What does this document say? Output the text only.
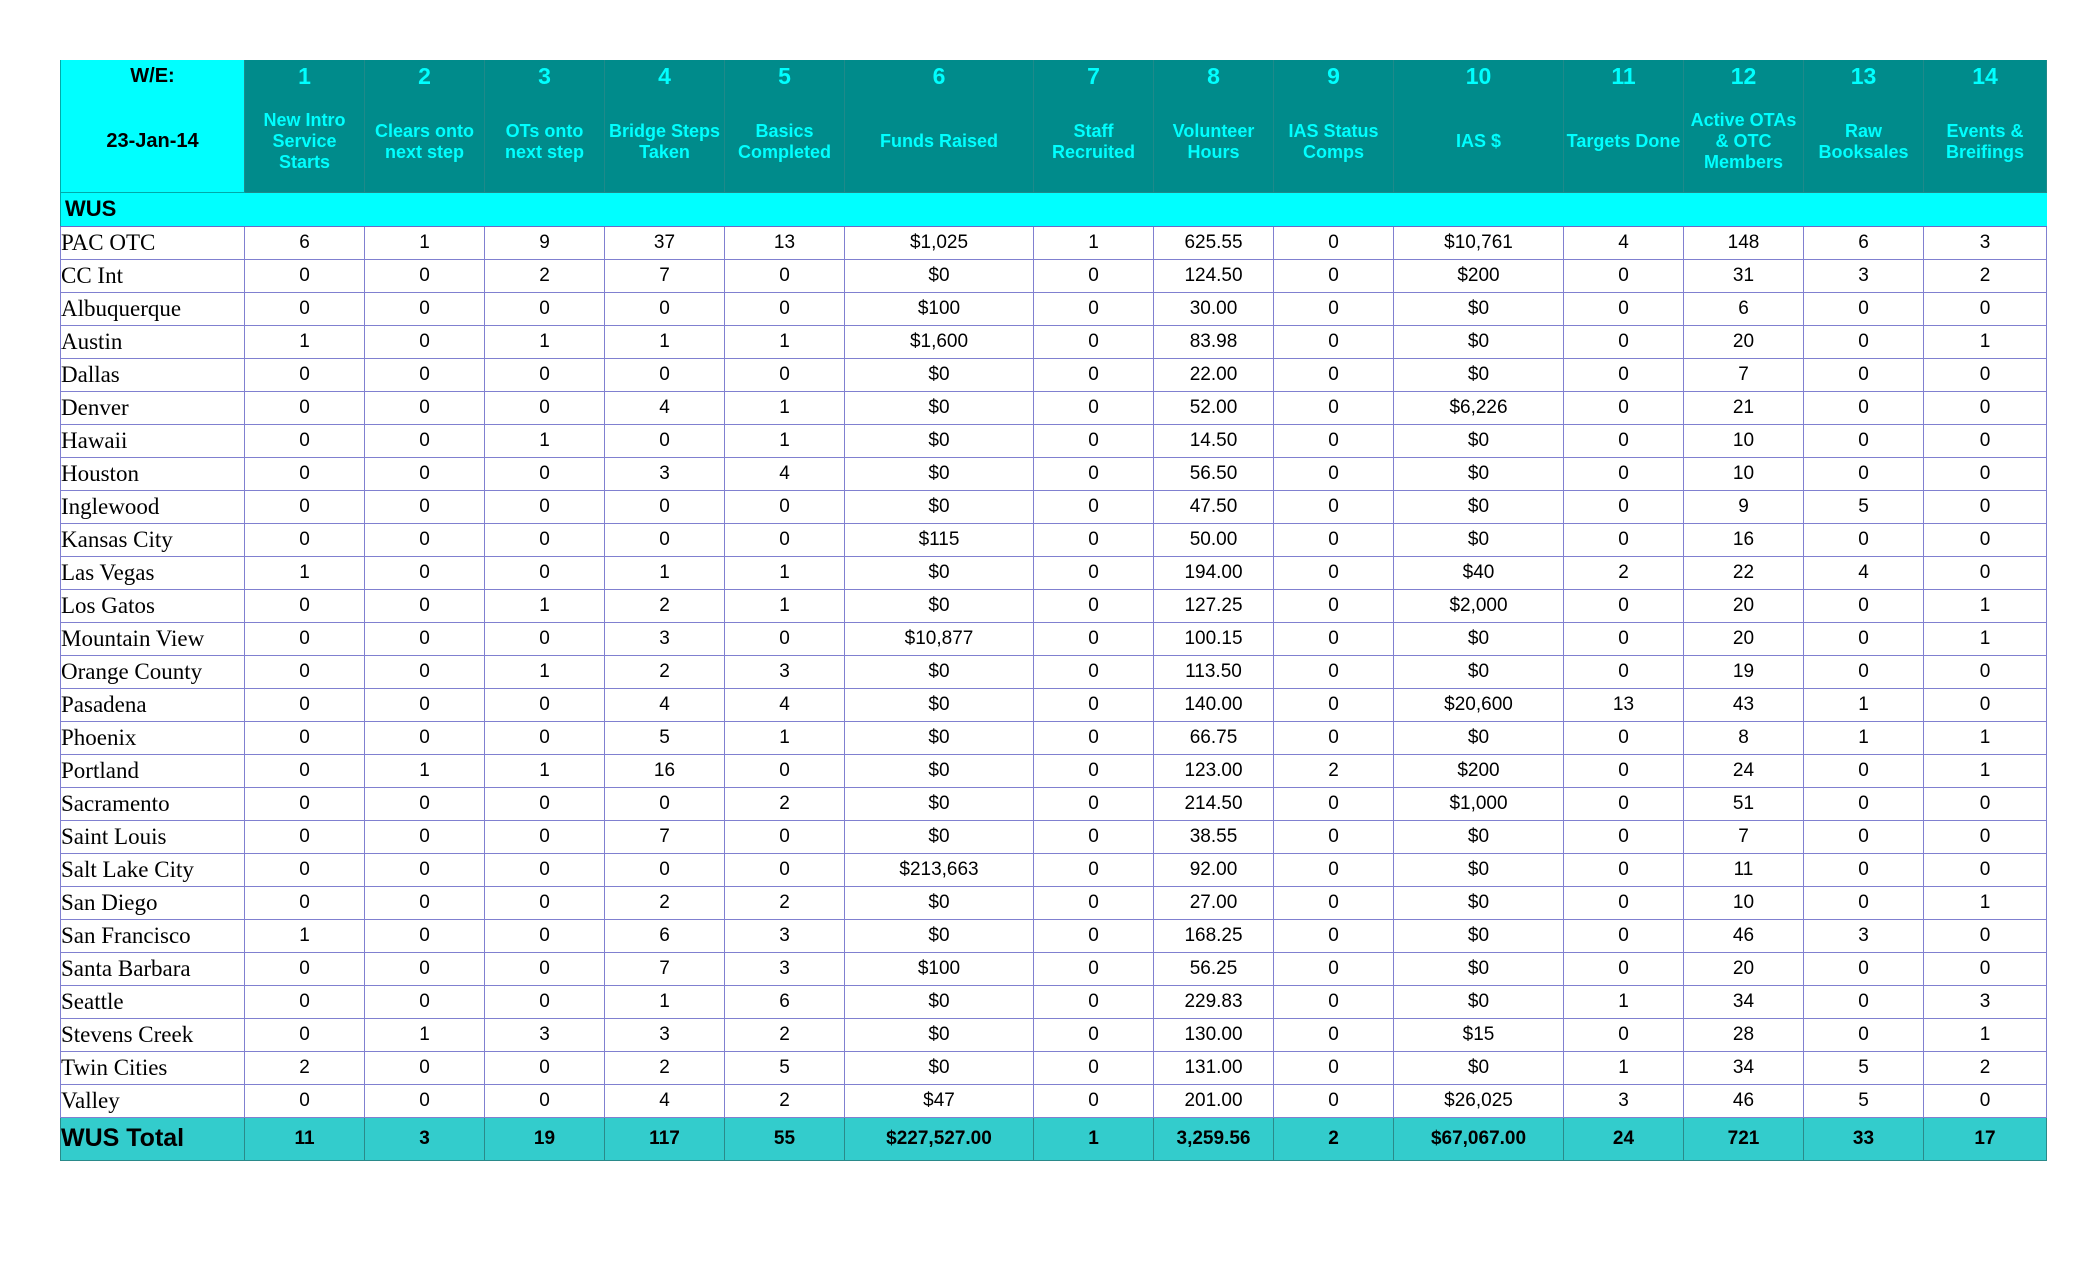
W/E:	1	2	3	4	5	6	7	8	9	10	11	12	13	14
23-Jan-14	New Intro Service Starts	Clears onto next step	OTs onto next step	Bridge Steps Taken	Basics Completed	Funds Raised	Staff Recruited	Volunteer Hours	IAS Status Comps	IAS $	Targets Done	Active OTAs & OTC Members	Raw Booksales	Events & Breifings
WUS														
PAC OTC	6	1	9	37	13	$1,025	1	625.55	0	$10,761	4	148	6	3
CC Int	0	0	2	7	0	$0	0	124.50	0	$200	0	31	3	2
Albuquerque	0	0	0	0	0	$100	0	30.00	0	$0	0	6	0	0
Austin	1	0	1	1	1	$1,600	0	83.98	0	$0	0	20	0	1
Dallas	0	0	0	0	0	$0	0	22.00	0	$0	0	7	0	0
Denver	0	0	0	4	1	$0	0	52.00	0	$6,226	0	21	0	0
Hawaii	0	0	1	0	1	$0	0	14.50	0	$0	0	10	0	0
Houston	0	0	0	3	4	$0	0	56.50	0	$0	0	10	0	0
Inglewood	0	0	0	0	0	$0	0	47.50	0	$0	0	9	5	0
Kansas City	0	0	0	0	0	$115	0	50.00	0	$0	0	16	0	0
Las Vegas	1	0	0	1	1	$0	0	194.00	0	$40	2	22	4	0
Los Gatos	0	0	1	2	1	$0	0	127.25	0	$2,000	0	20	0	1
Mountain View	0	0	0	3	0	$10,877	0	100.15	0	$0	0	20	0	1
Orange County	0	0	1	2	3	$0	0	113.50	0	$0	0	19	0	0
Pasadena	0	0	0	4	4	$0	0	140.00	0	$20,600	13	43	1	0
Phoenix	0	0	0	5	1	$0	0	66.75	0	$0	0	8	1	1
Portland	0	1	1	16	0	$0	0	123.00	2	$200	0	24	0	1
Sacramento	0	0	0	0	2	$0	0	214.50	0	$1,000	0	51	0	0
Saint Louis	0	0	0	7	0	$0	0	38.55	0	$0	0	7	0	0
Salt Lake City	0	0	0	0	0	$213,663	0	92.00	0	$0	0	11	0	0
San Diego	0	0	0	2	2	$0	0	27.00	0	$0	0	10	0	1
San Francisco	1	0	0	6	3	$0	0	168.25	0	$0	0	46	3	0
Santa Barbara	0	0	0	7	3	$100	0	56.25	0	$0	0	20	0	0
Seattle	0	0	0	1	6	$0	0	229.83	0	$0	1	34	0	3
Stevens Creek	0	1	3	3	2	$0	0	130.00	0	$15	0	28	0	1
Twin Cities	2	0	0	2	5	$0	0	131.00	0	$0	1	34	5	2
Valley	0	0	0	4	2	$47	0	201.00	0	$26,025	3	46	5	0
WUS Total	11	3	19	117	55	$227,527.00	1	3,259.56	2	$67,067.00	24	721	33	17
